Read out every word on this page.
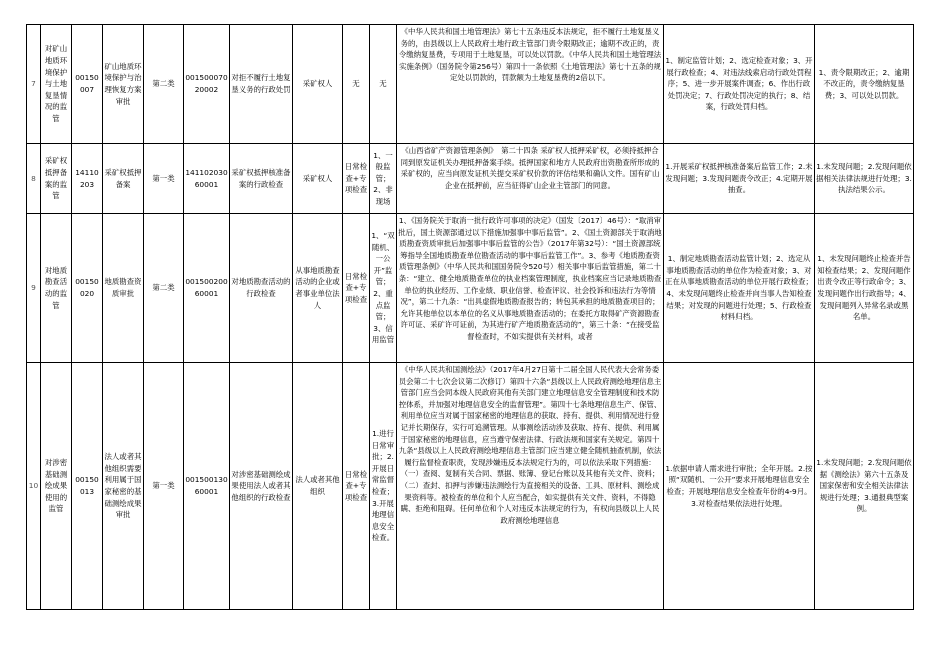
7	对矿山地质环境保护与土地复垦情况的监管	00150007	矿山地质环境保护与治理恢复方案审批	第二类	00150007020002	对拒不履行土地复垦义务的行政处罚	采矿权人	无	无	《中华人民共和国土地管理法》第七十五条违反本法规定，拒不履行土地复垦义务的，由县级以上人民政府土地行政主管部门责令限期改正；逾期不改正的，责令缴纳复垦费，专项用于土地复垦，可以处以罚款。《中华人民共和国土地管理法实施条例》（国务院令第256号）第四十一条依照《土地管理法》第七十五条的规定处以罚款的，罚款额为土地复垦费的2倍以下。	1、制定监管计划；2、选定检查对象；3、开展行政检查；4、对违法线索启动行政处罚程序；5、进一步开展案件调查；6、作出行政处罚决定；7、行政处罚决定的执行；8、结案，行政处罚归档。	1、责令限期改正；2、逾期不改正的，责令缴纳复垦费；3、可以处以罚款。
8	采矿权抵押备案的监管	14110203	采矿权抵押备案	第一类	14110203060001	采矿权抵押核准备案的行政检查	采矿权人	日常检查+专项检查	1、一般监管；2、非现场	《山西省矿产资源管理条例》　第二十四条 采矿权人抵押采矿权，必须持抵押合同到原发证机关办理抵押备案手续。抵押国家和地方人民政府出资勘查所形成的采矿权的，应当向原发证机关提交采矿权价款的评估结果和确认文件。国有矿山企业在抵押前，应当征得矿山企业主管部门的同意。	1.开展采矿权抵押核准备案后监管工作；2.未发现问题；3.发现问题责令改正；4.定期开展抽查。	1.未发现问题；2.发现问题依据相关法律法规进行处理；3.执法结果公示。
9	对地质勘查活动的监管	00150020	地质勘查资质审批	第二类	00150020060001	对地质勘查活动的行政检查	从事地质勘查活动的企业或者事业单位法人	日常检查+专项检查	1、“双随机、一公开”监管；2、重点监管；3、信用监管	1、《国务院关于取消一批行政许可事项的决定》（国发〔2017〕46号）：“取消审批后，国土资源部通过以下措施加强事中事后监管”。2、《国土资源部关于取消地质勘查资质审批后加强事中事后监管的公告》（2017年第32号）：“国土资源部统筹指导全国地质勘查单位勘查活动的事中事后监管工作”。3、参考《地质勘查资质管理条例》（中华人民共和国国务院令520号）相关事中事后监管措施，第二十条：“建立、健全地质勘查单位的执业档案管理制度，执业档案应当记录地质勘查单位的执业经历、工作业绩、职业信誉、检查评议、社会投诉和违法行为等情况”，第二十九条：“出具虚假地质勘查报告的；转包其承担的地质勘查项目的；允许其他单位以本单位的名义从事地质勘查活动的；在委托方取得矿产资源勘查许可证、采矿许可证前，为其进行矿产地质勘查活动的”，第三十条：“在接受监督检查时，不如实提供有关材料，或者	1、制定地质勘查活动监管计划；2、选定从事地质勘查活动的单位作为检查对象；3、对正在从事地质勘查活动的单位开展行政检查；4、未发现问题终止检查并向当事人告知检查结果；对发现的问题进行处理；5、行政检查材料归档。	1、未发现问题终止检查并告知检查结果；2、发现问题作出责令改正等行政命令；3、发现问题作出行政指导；4、发现问题列入异常名录或黑名单。
10	对涉密基础测绘成果使用的监管	00150013	法人或者其他组织需要利用属于国家秘密的基础测绘成果审批	第一类	00150013060001	对涉密基础测绘成果使用法人或者其他组织的行政检查	法人或者其他组织	日常检查+专项检查	1.进行日常审批；2.开展日常监督检查；3.开展地理信息安全检查。	《中华人民共和国测绘法》（2017年4月27日第十二届全国人民代表大会常务委员会第二十七次会议第二次修订）第四十六条“县级以上人民政府测绘地理信息主管部门应当会同本级人民政府其他有关部门建立地理信息安全管理制度和技术防控体系，并加强对地理信息安全的监督管理”。第四十七条地理信息生产、保管、利用单位应当对属于国家秘密的地理信息的获取、持有、提供、利用情况进行登记并长期保存，实行可追溯管理。从事测绘活动涉及获取、持有、提供、利用属于国家秘密的地理信息，应当遵守保密法律、行政法规和国家有关规定。第四十九条“县级以上人民政府测绘地理信息主管部门应当建立健全随机抽查机制，依法履行监督检查职责，发现涉嫌违反本法规定行为的，可以依法采取下列措施：（一）查阅、复制有关合同、票据、账簿、登记台账以及其他有关文件、资料；（二）查封、扣押与涉嫌违法测绘行为直接相关的设备、工具、原材料、测绘成果资料等。被检查的单位和个人应当配合，如实提供有关文件、资料，不得隐瞒、拒绝和阻碍。任何单位和个人对违反本法规定的行为，有权向县级以上人民政府测绘地理信息	1.依据申请人需求进行审批；全年开展。2.按照“双随机、一公开”要求开展地理信息安全检查；开展地理信息安全检查年份的4-9月。3.对检查结果依法进行处理。	1.未发现问题；2.发现问题依据《测绘法》第六十五条及国家保密和安全相关法律法规进行处理；3.通报典型案例。
